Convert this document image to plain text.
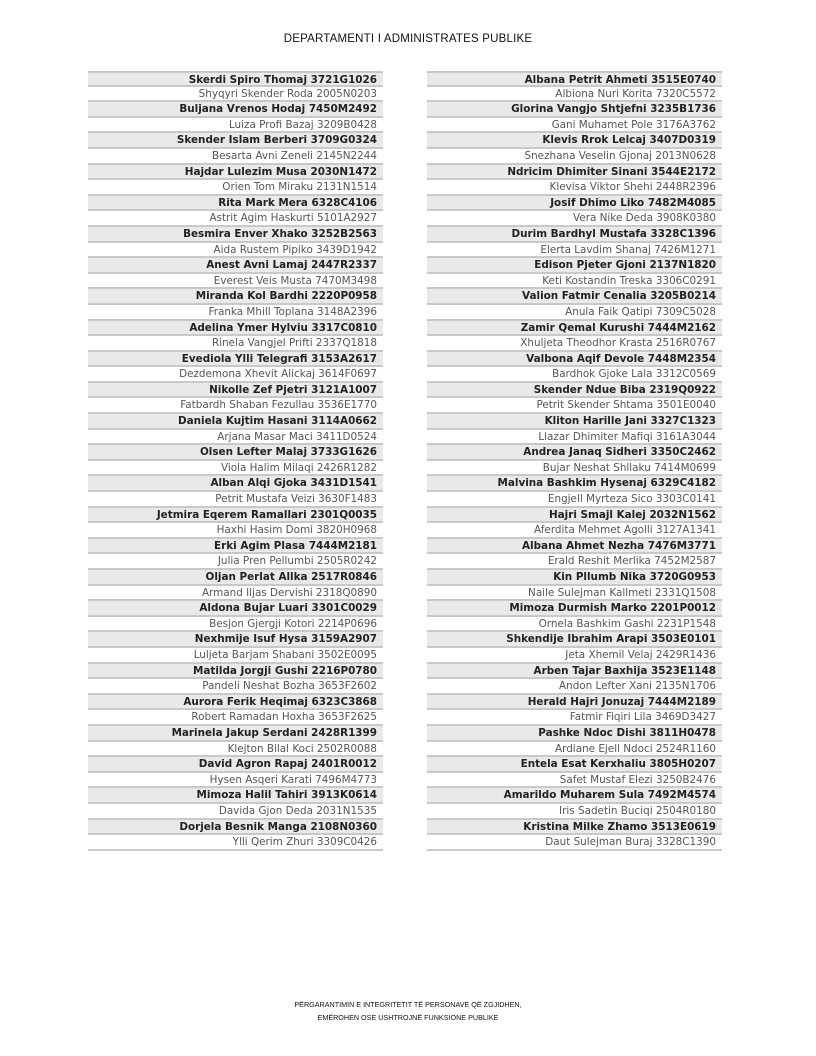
DEPARTAMENTI I ADMINISTRATES PUBLIKE
Skerdi Spiro Thomaj 3721G1026
Shyqyri Skender Roda 2005N0203
Buljana Vrenos Hodaj 7450M2492
Luiza Profi Bazaj 3209B0428
Skender Islam Berberi 3709G0324
Besarta Avni Zeneli 2145N2244
Hajdar Lulezim Musa 2030N1472
Orien Tom Miraku 2131N1514
Rita Mark Mera 6328C4106
Astrit Agim Haskurti 5101A2927
Besmira Enver Xhako 3252B2563
Aida Rustem Pipiko 3439D1942
Anest Avni Lamaj 2447R2337
Everest Veis Musta 7470M3498
Miranda Kol Bardhi 2220P0958
Franka Mhill Toplana 3148A2396
Adelina Ymer Hylviu 3317C0810
Rinela Vangjel Prifti 2337Q1818
Evediola Ylli Telegrafi 3153A2617
Dezdemona Xhevit Alickaj 3614F0697
Nikolle Zef Pjetri 3121A1007
Fatbardh Shaban Fezullau 3536E1770
Daniela Kujtim Hasani 3114A0662
Arjana Masar Maci 3411D0524
Olsen Lefter Malaj 3733G1626
Viola Halim Milaqi 2426R1282
Alban Alqi Gjoka 3431D1541
Petrit Mustafa Veizi 3630F1483
Jetmira Eqerem Ramallari 2301Q0035
Haxhi Hasim Domi 3820H0968
Erki Agim Plasa 7444M2181
Julia Pren Pellumbi 2505R0242
Oljan Perlat Allka 2517R0846
Armand Iljas Dervishi 2318Q0890
Aldona Bujar Luari 3301C0029
Besjon Gjergji Kotori 2214P0696
Nexhmije Isuf Hysa 3159A2907
Luljeta Barjam Shabani 3502E0095
Matilda Jorgji Gushi 2216P0780
Pandeli Neshat Bozha 3653F2602
Aurora Ferik Heqimaj 6323C3868
Robert Ramadan Hoxha 3653F2625
Marinela Jakup Serdani 2428R1399
Klejton Bilal Koci 2502R0088
David Agron Rapaj 2401R0012
Hysen Asqeri Karati 7496M4773
Mimoza Halil Tahiri 3913K0614
Davida Gjon Deda 2031N1535
Dorjela Besnik Manga 2108N0360
Ylli Qerim Zhuri 3309C0426
Albana Petrit Ahmeti 3515E0740
Albiona Nuri Korita 7320C5572
Glorina Vangjo Shtjefni 3235B1736
Gani Muhamet Pole 3176A3762
Klevis Rrok Lelcaj 3407D0319
Snezhana Veselin Gjonaj 2013N0628
Ndricim Dhimiter Sinani 3544E2172
Klevisa Viktor Shehi 2448R2396
Josif Dhimo Liko 7482M4085
Vera Nike Deda 3908K0380
Durim Bardhyl Mustafa 3328C1396
Elerta Lavdim Shanaj 7426M1271
Edison Pjeter Gjoni 2137N1820
Keti Kostandin Treska 3306C0291
Valion Fatmir Cenalia 3205B0214
Anula Faik Qatipi 7309C5028
Zamir Qemal Kurushi 7444M2162
Xhuljeta Theodhor Krasta 2516R0767
Valbona Aqif Devole 7448M2354
Bardhok Gjoke Lala 3312C0569
Skender Ndue Biba 2319Q0922
Petrit Skender Shtama 3501E0040
Kliton Harille Jani 3327C1323
Llazar Dhimiter Mafiqi 3161A3044
Andrea Janaq Sidheri 3350C2462
Bujar Neshat Shllaku 7414M0699
Malvina Bashkim Hysenaj 6329C4182
Engjell Myrteza Sico 3303C0141
Hajri Smajl Kalej 2032N1562
Aferdita Mehmet Agolli 3127A1341
Albana Ahmet Nezha 7476M3771
Erald Reshit Merlika 7452M2587
Kin Pllumb Nika 3720G0953
Naile Sulejman Kallmeti 2331Q1508
Mimoza Durmish Marko 2201P0012
Ornela Bashkim Gashi 2231P1548
Shkendije Ibrahim Arapi 3503E0101
Jeta Xhemil Velaj 2429R1436
Arben Tajar Baxhija 3523E1148
Andon Lefter Xani 2135N1706
Herald Hajri Jonuzaj 7444M2189
Fatmir Fiqiri Lila 3469D3427
Pashke Ndoc Dishi 3811H0478
Ardiane Ejell Ndoci 2524R1160
Entela Esat Kerxhaliu 3805H0207
Safet Mustaf Elezi 3250B2476
Amarildo Muharem Sula 7492M4574
Iris Sadetin Buciqi 2504R0180
Kristina Milke Zhamo 3513E0619
Daut Sulejman Buraj 3328C1390
PËRGARANTIMIN E INTEGRITETIT TË PERSONAVE QË ZGJIDHEN,
EMËROHEN OSE USHTROJNË FUNKSIONE PUBLIKE
